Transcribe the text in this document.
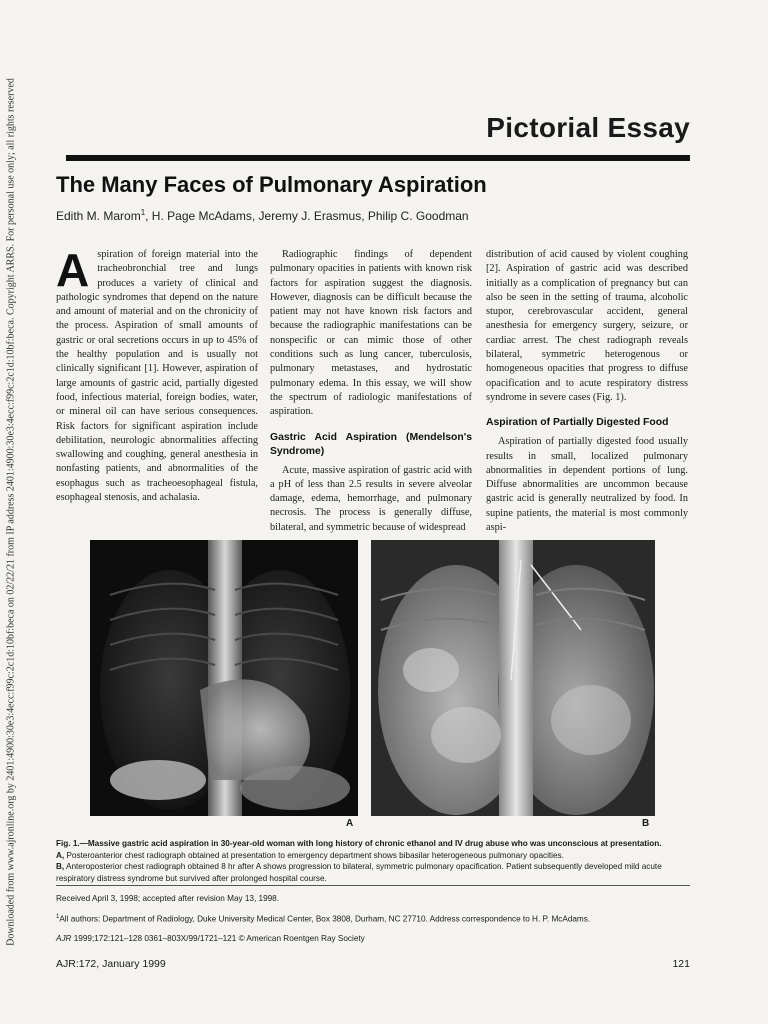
Downloaded from www.ajronline.org by 2401:4900:30e3:4ecc:f99c:2c1d:10bf:beca on 02/22/21 from IP address 2401:4900:30e3:4ecc:f99c:2c1d:10bf:beca. Copyright ARRS. For personal use only; all rights reserved	Pictorial Essay
The Many Faces of Pulmonary Aspiration
Edith M. Marom$^1$, H. Page McAdams, Jeremy J. Erasmus, Philip C. Goodman
A spiration of foreign material into the tracheobronchial tree and lungs produces a variety of clinical and pathologic syndromes that depend on the nature and amount of material and on the chronicity of the process. Aspiration of small amounts of gastric or oral secretions occurs in up to 45% of the healthy population and is usually not clinically significant [1]. However, aspiration of large amounts of gastric acid, partially digested food, infectious material, foreign bodies, water, or mineral oil can have serious consequences. Risk factors for significant aspiration include debilitation, neurologic abnormalities affecting swallowing and coughing, general anesthesia in nonfasting patients, and abnormalities of the esophagus such as tracheoesophageal fistula, esophageal stenosis, and achalasia.

Radiographic findings of dependent pulmonary opacities in patients with known risk factors for aspiration suggest the diagnosis. However, diagnosis can be difficult because the patient may not have known risk factors and because the radiographic manifestations can be nonspecific or can mimic those of other conditions such as lung cancer, tuberculosis, pulmonary metastases, and hydrostatic pulmonary edema. In this essay, we will show the spectrum of radiologic manifestations of aspiration.

Gastric Acid Aspiration (Mendelson's Syndrome)

Acute, massive aspiration of gastric acid with a pH of less than 2.5 results in severe alveolar damage, edema, hemorrhage, and pulmonary necrosis. The process is generally diffuse, bilateral, and symmetric because of widespread

distribution of acid caused by violent coughing [2]. Aspiration of gastric acid was described initially as a complication of pregnancy but can also be seen in the setting of trauma, alcoholic stupor, cerebrovascular accident, general anesthesia for emergency surgery, seizure, or cardiac arrest. The chest radiograph reveals bilateral, symmetric heterogenous or homogeneous opacities that progress to diffuse opacification and to acute respiratory distress syndrome in severe cases (Fig. 1).

Aspiration of Partially Digested Food

Aspiration of partially digested food usually results in small, localized pulmonary abnormalities in dependent portions of lung. Diffuse abnormalities are uncommon because gastric acid is generally neutralized by food. In supine patients, the material is most commonly aspi-

A	B

Fig. 1.—Massive gastric acid aspiration in 30-year-old woman with long history of chronic ethanol and IV drug abuse who was unconscious at presentation.

A, Posteroanterior chest radiograph obtained at presentation to emergency department shows bibasilar heterogeneous pulmonary opacities.

B, Anteroposterior chest radiograph obtained 8 hr after A shows progression to bilateral, symmetric pulmonary opacification. Patient subsequently developed mild acute respiratory distress syndrome but survived after prolonged hospital course.

Received April 3, 1998; accepted after revision May 13, 1998.

$^1$All authors: Department of Radiology, Duke University Medical Center, Box 3808, Durham, NC 27710. Address correspondence to H. P. McAdams.

AJR 1999;172:121–128 0361–803X/99/1721–121 © American Roentgen Ray Society

AJR:172, January 1999	121
